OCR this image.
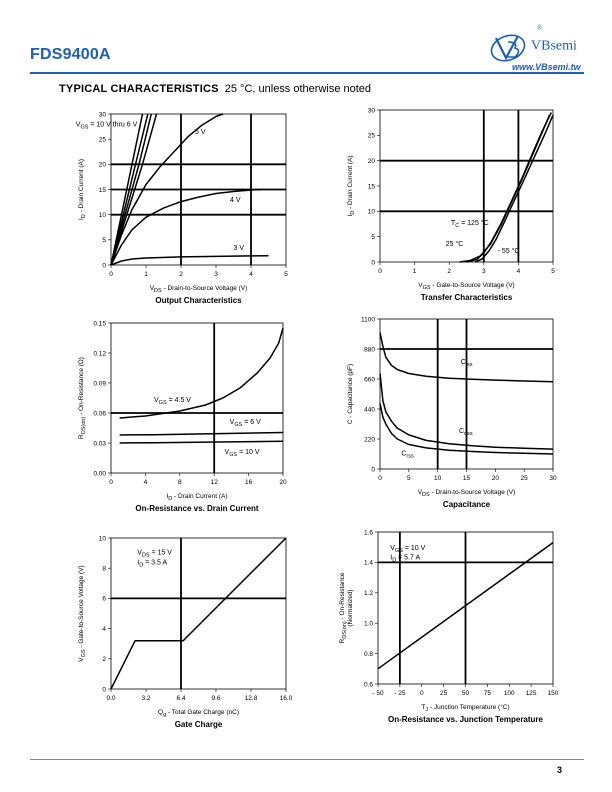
FDS9400A	VBsemi®
www.VBsemi.tw
TYPICAL CHARACTERISTICS 25 °C, unless otherwise noted
0	1	2	3	4	5
0
5
10
15
20
25
30
$V_{GS} = 10$ V thru 6 V
5 V
4 V
3 V
$V_{DS}$ - Drain-to-Source Voltage (V)
$I_D$ - Drain Current (A)
Output Characteristics
0	1	2	3	4	5
0
5
10
15
20
25
30
$T_C = 125$ °C
25 °C
- 55 °C
$V_{GS}$ - Gate-to-Source Voltage (V)
$I_D$ - Drain Current (A)
Transfer Characteristics
0	4	8	12	16	20
0.00
0.03
0.06
0.09
0.12
0.15
$V_{GS} = 4.5$ V
$V_{GS} = 6$ V
$V_{GS} = 10$ V
$I_D$ - Drain Current (A)
$R_{DS(on)}$ - On-Resistance (Ω)
On-Resistance vs. Drain Current
0	5	10	15	20	25	30
0
220
440
660
880
1100
$C_{iss}$
$C_{oss}$
$C_{rss}$
$V_{DS}$ - Drain-to-Source Voltage (V)
C - Capacitance (pF)
Capacitance
0.0	3.2	6.4	9.6	12.8	16.0
0
2
4
6
8
10
$V_{DS} = 15$ V
$I_D = 3.5$ A
$Q_g$ - Total Gate Charge (nC)
$V_{GS}$ - Gate-to-Source Voltage (V)
Gate Charge
- 50 - 25 0	25 50 75 100 125 150
0.6
0.8
1.0
1.2
1.4
1.6
$V_{GS} = 10$ V
$I_D = 5.7$ A
$T_J$ - Junction Temperature (°C)
$R_{DS(on)}$ - On-Resistance (Normalized)
On-Resistance vs. Junction Temperature
3
